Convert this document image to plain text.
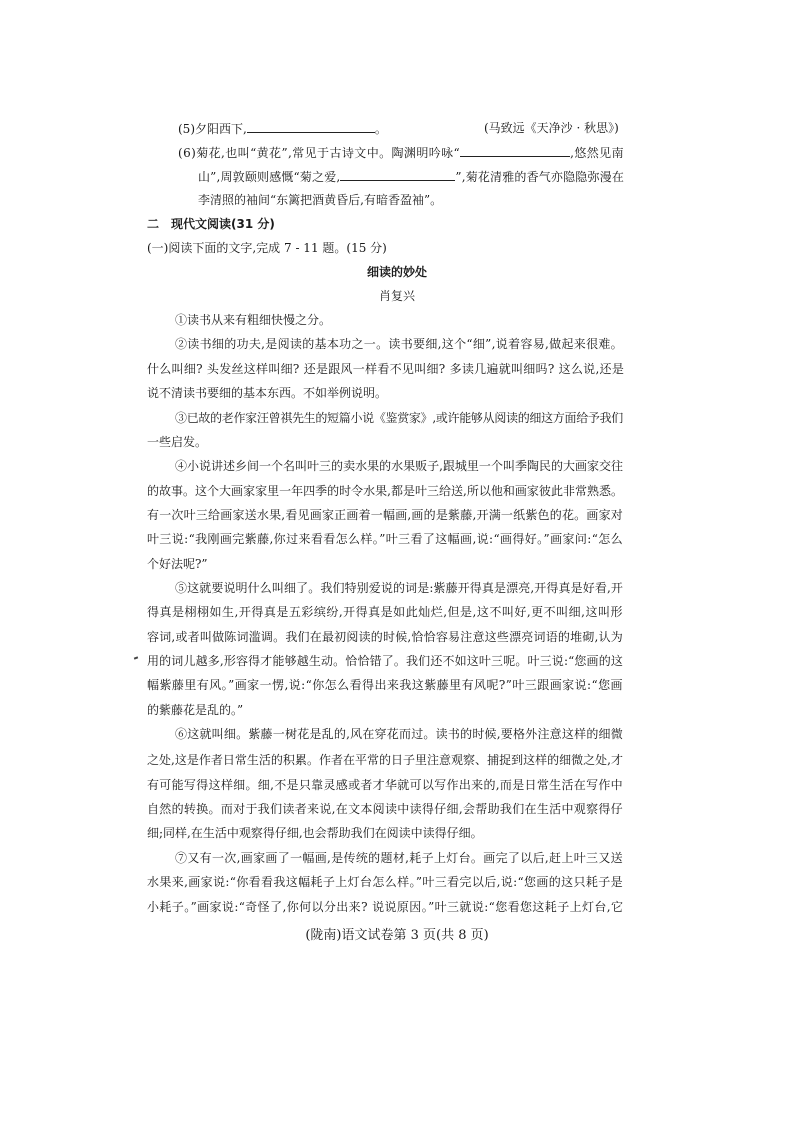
(5)夕阳西下,	。	(马致远《天净沙 · 秋思》)
(6)菊花,也叫“黄花”,常见于古诗文中。陶渊明吟咏“	,悠然见南
山”,周敦颐则感慨“菊之爱,	”,菊花清雅的香气亦隐隐弥漫在
李清照的袖间“东篱把酒黄昏后,有暗香盈袖”。
二　现代文阅读(31 分)
(一)阅读下面的文字,完成 7 - 11 题。(15 分)
细读的妙处
肖复兴
①读书从来有粗细快慢之分。
②读书细的功夫,是阅读的基本功之一。读书要细,这个“细”,说着容易,做起来很难。
什么叫细? 头发丝这样叫细? 还是跟风一样看不见叫细? 多读几遍就叫细吗? 这么说,还是
说不清读书要细的基本东西。不如举例说明。
③已故的老作家汪曾祺先生的短篇小说《鉴赏家》,或许能够从阅读的细这方面给予我们
一些启发。
④小说讲述乡间一个名叫叶三的卖水果的水果贩子,跟城里一个叫季陶民的大画家交往
的故事。这个大画家家里一年四季的时令水果,都是叶三给送,所以他和画家彼此非常熟悉。
有一次叶三给画家送水果,看见画家正画着一幅画,画的是紫藤,开满一纸紫色的花。画家对
叶三说:“我刚画完紫藤,你过来看看怎么样。”叶三看了这幅画,说:“画得好。”画家问:“怎么
个好法呢?”
⑤这就要说明什么叫细了。我们特别爱说的词是:紫藤开得真是漂亮,开得真是好看,开
得真是栩栩如生,开得真是五彩缤纷,开得真是如此灿烂,但是,这不叫好,更不叫细,这叫形
容词,或者叫做陈词滥调。我们在最初阅读的时候,恰恰容易注意这些漂亮词语的堆砌,认为
用的词儿越多,形容得才能够越生动。恰恰错了。我们还不如这叶三呢。叶三说:“您画的这
幅紫藤里有风。”画家一愣,说:“你怎么看得出来我这紫藤里有风呢?”叶三跟画家说:“您画
的紫藤花是乱的。”
⑥这就叫细。紫藤一树花是乱的,风在穿花而过。读书的时候,要格外注意这样的细微
之处,这是作者日常生活的积累。作者在平常的日子里注意观察、捕捉到这样的细微之处,才
有可能写得这样细。细,不是只靠灵感或者才华就可以写作出来的,而是日常生活在写作中
自然的转换。而对于我们读者来说,在文本阅读中读得仔细,会帮助我们在生活中观察得仔
细;同样,在生活中观察得仔细,也会帮助我们在阅读中读得仔细。
⑦又有一次,画家画了一幅画,是传统的题材,耗子上灯台。画完了以后,赶上叶三又送
水果来,画家说:“你看看我这幅耗子上灯台怎么样。”叶三看完以后,说:“您画的这只耗子是
小耗子。”画家说:“奇怪了,你何以分出来? 说说原因。”叶三就说:“您看您这耗子上灯台,它
(陇南)语文试卷第 3 页(共 8 页)
